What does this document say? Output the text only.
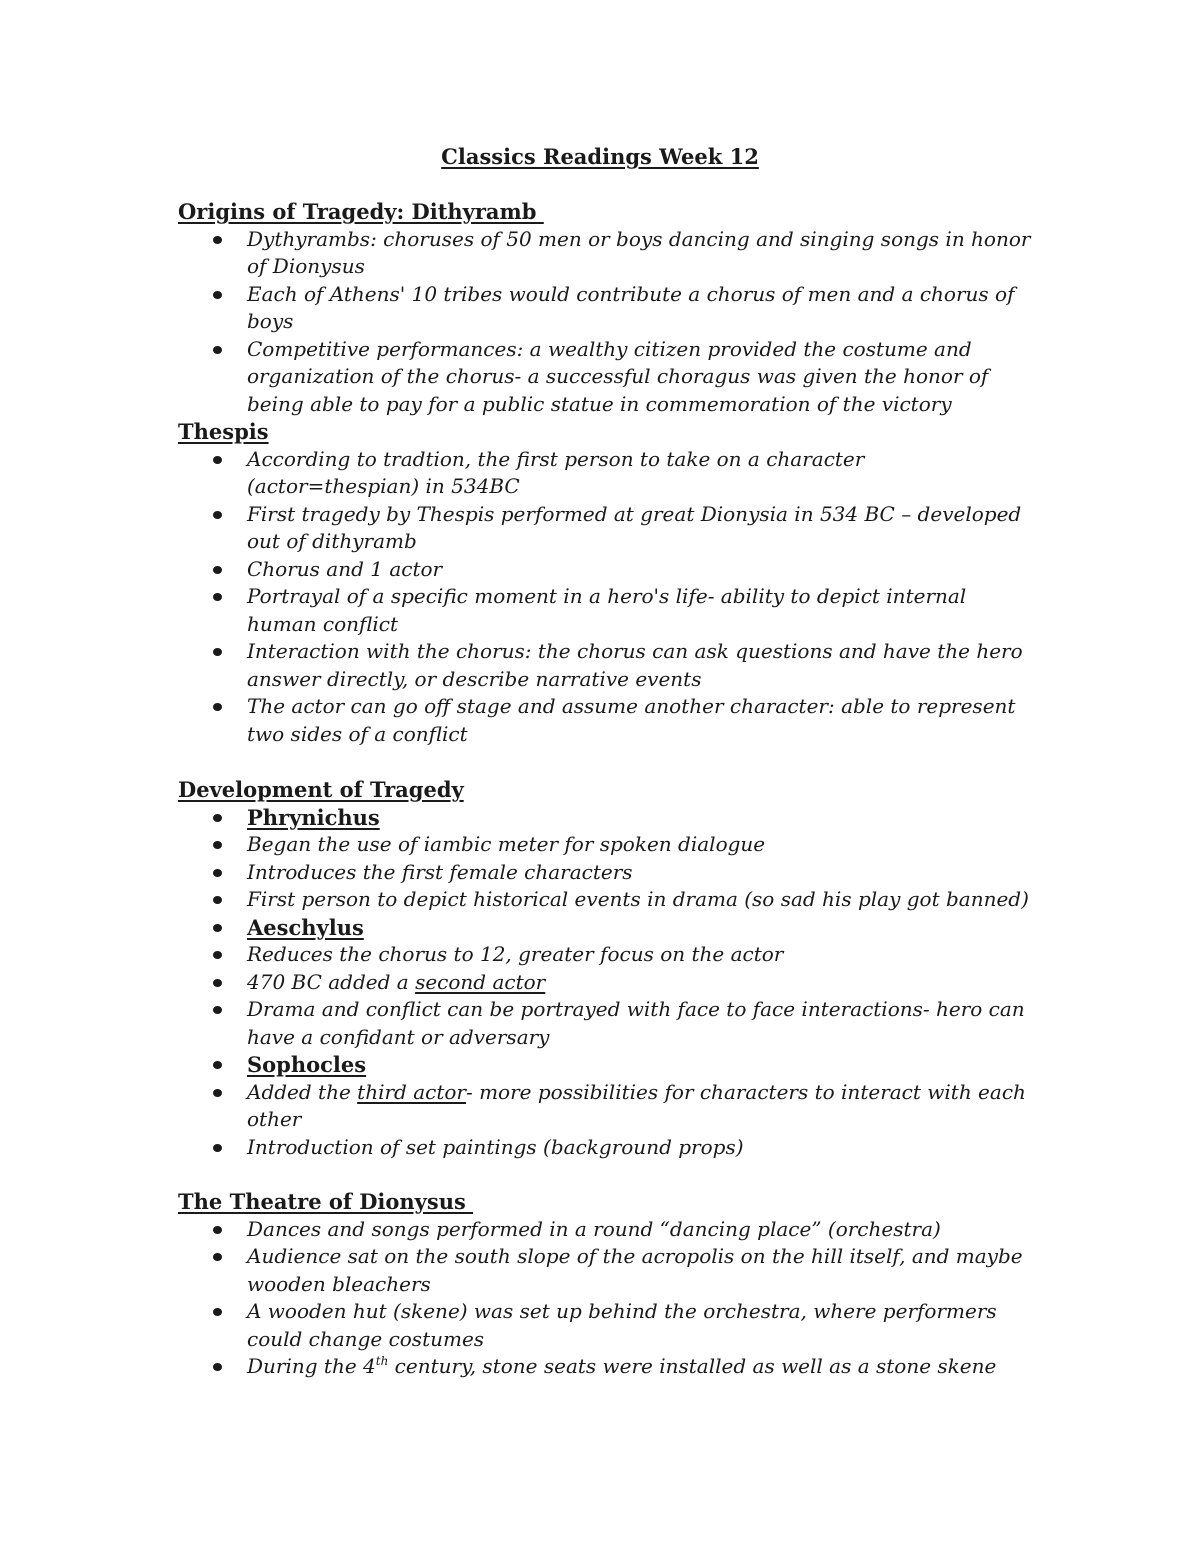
Classics Readings Week 12
Origins of Tragedy: Dithyramb
Dythyrambs: choruses of 50 men or boys dancing and singing songs in honor of Dionysus
Each of Athens' 10 tribes would contribute a chorus of men and a chorus of boys
Competitive performances: a wealthy citizen provided the costume and organization of the chorus- a successful choragus was given the honor of being able to pay for a public statue in commemoration of the victory
Thespis
According to tradtion, the first person to take on a character (actor=thespian) in 534BC
First tragedy by Thespis performed at great Dionysia in 534 BC – developed out of dithyramb
Chorus and 1 actor
Portrayal of a specific moment in a hero's life- ability to depict internal human conflict
Interaction with the chorus: the chorus can ask questions and have the hero answer directly, or describe narrative events
The actor can go off stage and assume another character: able to represent two sides of a conflict
Development of Tragedy
Phrynichus
Began the use of iambic meter for spoken dialogue
Introduces the first female characters
First person to depict historical events in drama (so sad his play got banned)
Aeschylus
Reduces the chorus to 12, greater focus on the actor
470 BC added a second actor
Drama and conflict can be portrayed with face to face interactions- hero can have a confidant or adversary
Sophocles
Added the third actor- more possibilities for characters to interact with each other
Introduction of set paintings (background props)
The Theatre of Dionysus
Dances and songs performed in a round “dancing place” (orchestra)
Audience sat on the south slope of the acropolis on the hill itself, and maybe wooden bleachers
A wooden hut (skene) was set up behind the orchestra, where performers could change costumes
During the 4th century, stone seats were installed as well as a stone skene
